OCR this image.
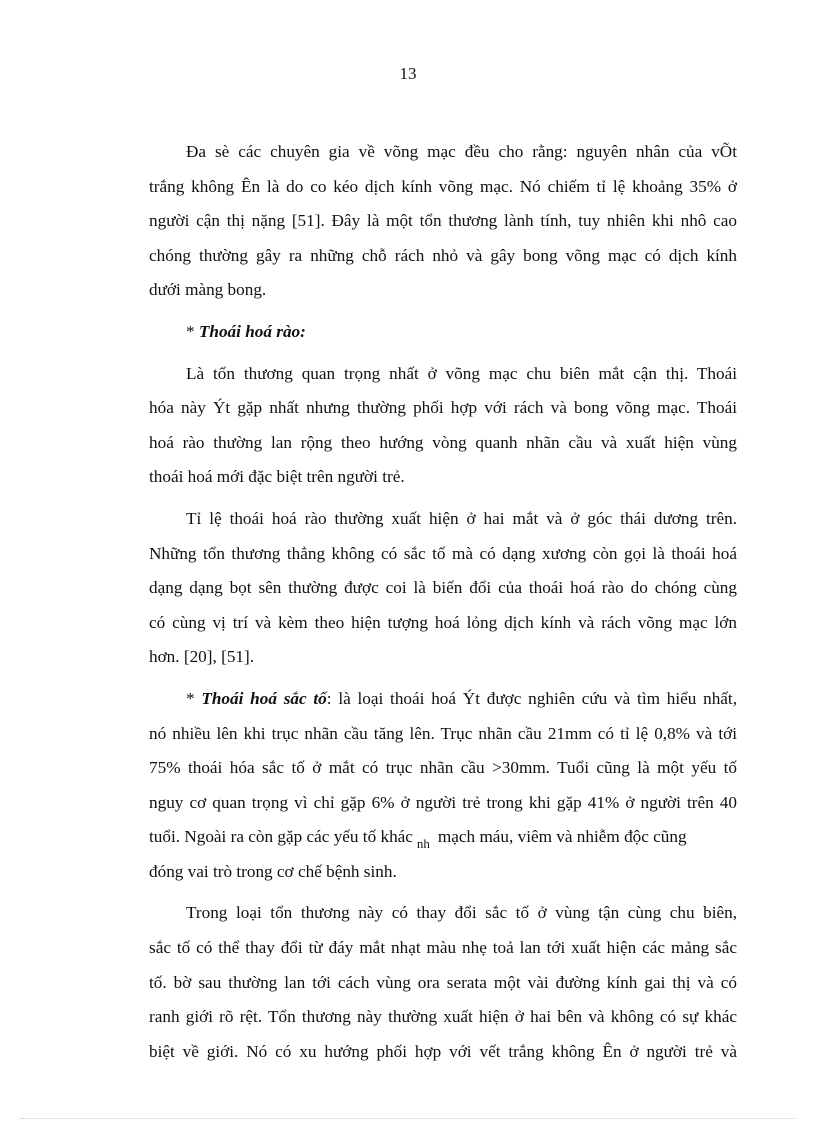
13
Đa sè các chuyên gia về võng mạc đều cho rằng: nguyên nhân của vÕt
trắng không Ên là do co kéo dịch kính võng mạc. Nó chiếm tỉ lệ khoảng 35% ở
người cận thị nặng [51]. Đây là một tổn thương lành tính, tuy nhiên khi nhô cao
chóng thường gây ra những chỗ rách nhỏ và gây bong võng mạc có dịch kính
dưới màng bong.
* Thoái hoá rào:
Là tổn thương quan trọng nhất ở võng mạc chu biên mắt cận thị. Thoái
hóa này Ýt gặp nhất nhưng thường phối hợp với rách và bong võng mạc. Thoái
hoá rào thường lan rộng theo hướng vòng quanh nhãn cầu và xuất hiện vùng
thoái hoá mới đặc biệt trên người trẻ.
Tỉ lệ thoái hoá rào thường xuất hiện ở hai mắt và ở góc thái dương trên.
Những tổn thương thẳng không có sắc tố mà có dạng xương còn gọi là thoái hoá
dạng dạng bọt sên thường được coi là biến đổi của thoái hoá rào do chóng cùng
có cùng vị trí và kèm theo hiện tượng hoá lỏng dịch kính và rách võng mạc lớn
hơn. [20], [51].
* Thoái hoá sắc tố: là loại thoái hoá Ýt được nghiên cứu và tìm hiểu nhất,
nó nhiều lên khi trục nhãn cầu tăng lên. Trục nhãn cầu 21mm có tỉ lệ 0,8% và tới
75% thoái hóa sắc tố ở mắt có trục nhãn cầu >30mm. Tuổi cũng là một yếu tố
nguy cơ quan trọng vì chỉ gặp 6% ở người trẻ trong khi gặp 41% ở người trên 40
tuổi. Ngoài ra còn gặp các yếu tố khác $_{nh}$ mạch máu, viêm và nhiễm độc cũng
đóng vai trò trong cơ chế bệnh sinh.
Trong loại tổn thương này có thay đổi sắc tố ở vùng tận cùng chu biên,
sắc tố có thể thay đổi từ đáy mắt nhạt màu nhẹ toả lan tới xuất hiện các mảng sắc
tố. bờ sau thường lan tới cách vùng ora serata một vài đường kính gai thị và có
ranh giới rõ rệt. Tổn thương này thường xuất hiện ở hai bên và không có sự khác
biệt về giới. Nó có xu hướng phối hợp với vết trắng không Ên ở người trẻ và
